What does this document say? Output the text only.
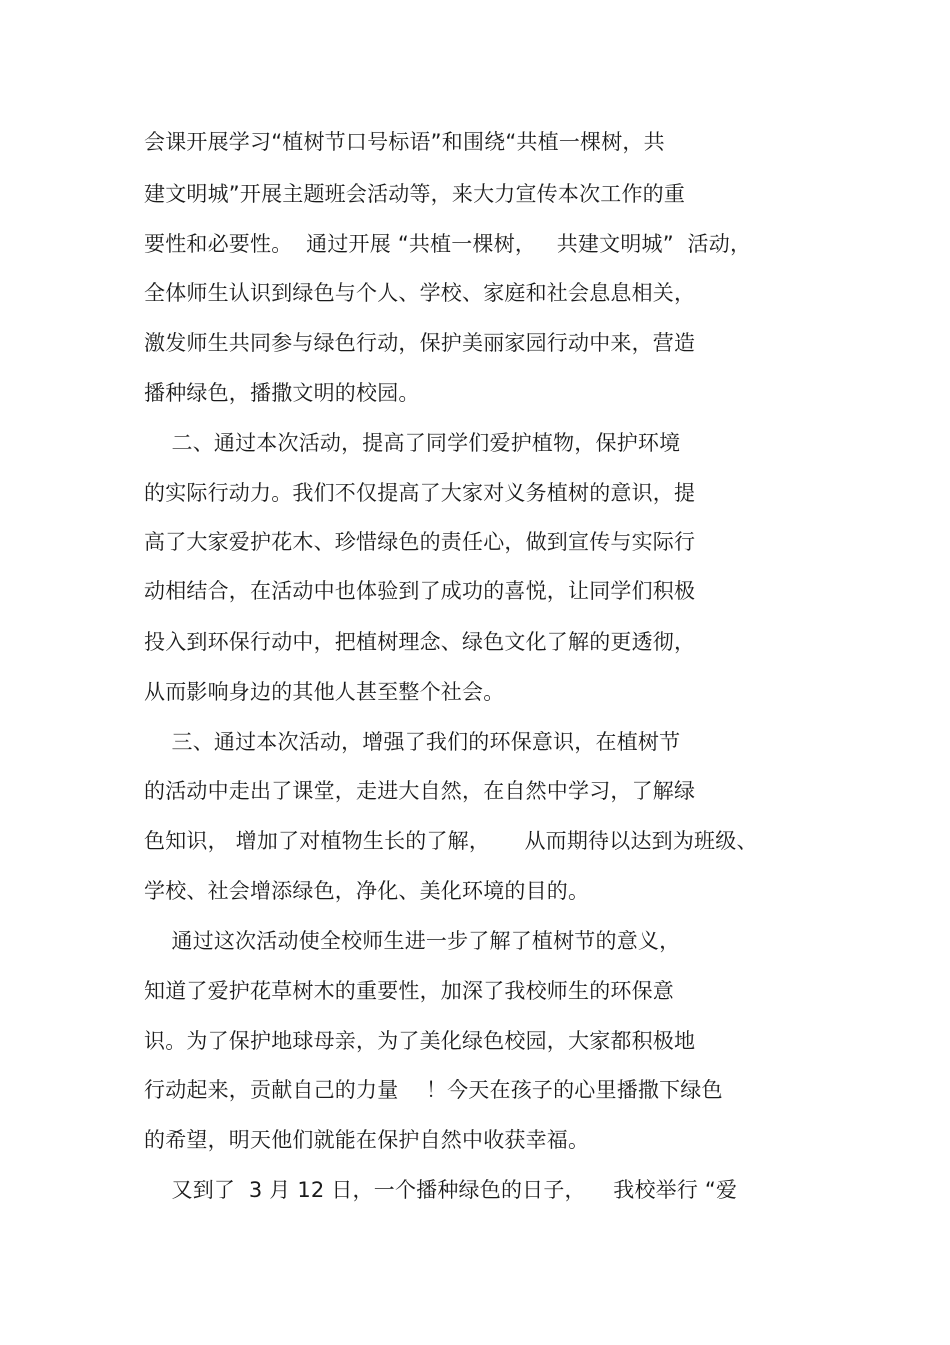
会课开展学习“植树节口号标语”和围绕“共植一棵树，共
建文明城”开展主题班会活动等，来大力宣传本次工作的重
要性和必要性。  通过开展 “共植一棵树，   共建文明城”  活动，
全体师生认识到绿色与个人、学校、家庭和社会息息相关，
激发师生共同参与绿色行动，保护美丽家园行动中来，营造
播种绿色，播撒文明的校园。
二、通过本次活动，提高了同学们爱护植物，保护环境
的实际行动力。我们不仅提高了大家对义务植树的意识，提
高了大家爱护花木、珍惜绿色的责任心，做到宣传与实际行
动相结合，在活动中也体验到了成功的喜悦，让同学们积极
投入到环保行动中，把植树理念、绿色文化了解的更透彻，
从而影响身边的其他人甚至整个社会。
三、通过本次活动，增强了我们的环保意识，在植树节
的活动中走出了课堂，走进大自然，在自然中学习，了解绿
色知识， 增加了对植物生长的了解，     从而期待以达到为班级、
学校、社会增添绿色，净化、美化环境的目的。
通过这次活动使全校师生进一步了解了植树节的意义，
知道了爱护花草树木的重要性，加深了我校师生的环保意
识。为了保护地球母亲，为了美化绿色校园，大家都积极地
行动起来，贡献自己的力量    ！今天在孩子的心里播撒下绿色
的希望，明天他们就能在保护自然中收获幸福。
又到了  3 月 12 日，一个播种绿色的日子，    我校举行 “爱
